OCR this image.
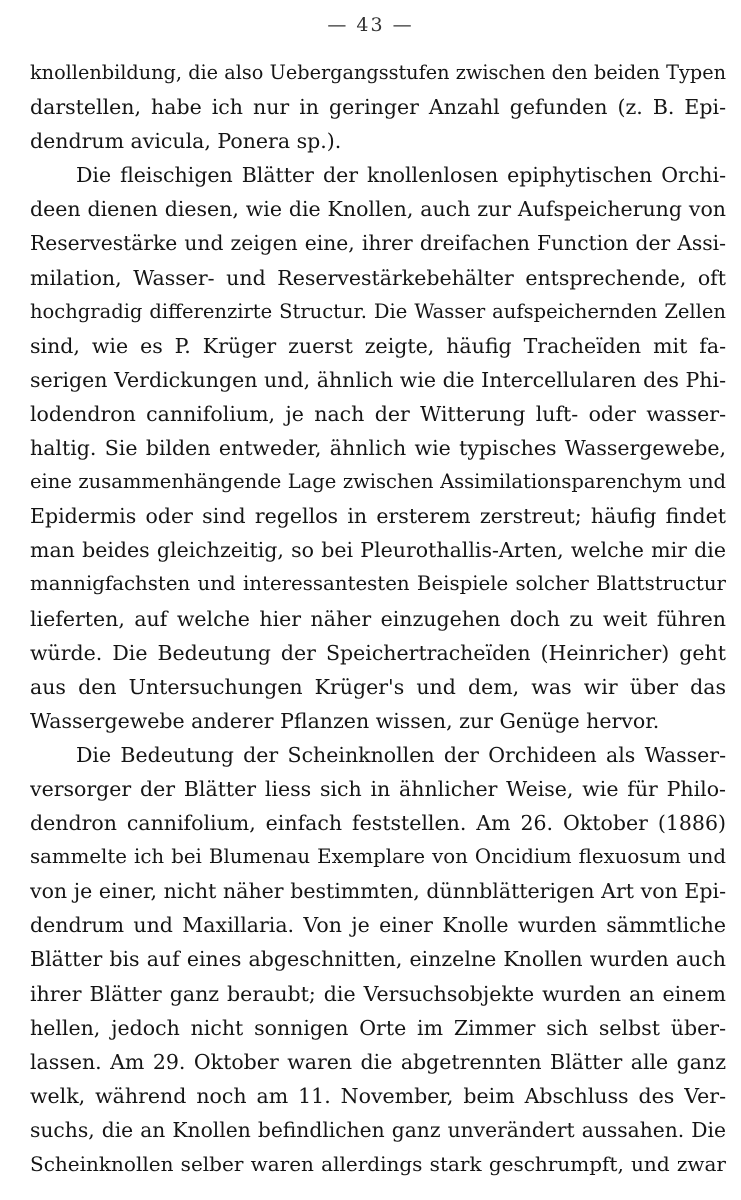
— 43 —
knollenbildung, die also Uebergangsstufen zwischen den beiden Typen
darstellen, habe ich nur in geringer Anzahl gefunden (z. B. Epi-
dendrum avicula, Ponera sp.).
Die fleischigen Blätter der knollenlosen epiphytischen Orchi-
deen dienen diesen, wie die Knollen, auch zur Aufspeicherung von
Reservestärke und zeigen eine, ihrer dreifachen Function der Assi-
milation, Wasser- und Reservestärkebehälter entsprechende, oft
hochgradig differenzirte Structur. Die Wasser aufspeichernden Zellen
sind, wie es P. Krüger zuerst zeigte, häufig Tracheïden mit fa-
serigen Verdickungen und, ähnlich wie die Intercellularen des Phi-
lodendron cannifolium, je nach der Witterung luft- oder wasser-
haltig. Sie bilden entweder, ähnlich wie typisches Wassergewebe,
eine zusammenhängende Lage zwischen Assimilationsparenchym und
Epidermis oder sind regellos in ersterem zerstreut; häufig findet
man beides gleichzeitig, so bei Pleurothallis-Arten, welche mir die
mannigfachsten und interessantesten Beispiele solcher Blattstructur
lieferten, auf welche hier näher einzugehen doch zu weit führen
würde. Die Bedeutung der Speichertracheïden (Heinricher) geht
aus den Untersuchungen Krüger's und dem, was wir über das
Wassergewebe anderer Pflanzen wissen, zur Genüge hervor.
Die Bedeutung der Scheinknollen der Orchideen als Wasser-
versorger der Blätter liess sich in ähnlicher Weise, wie für Philo-
dendron cannifolium, einfach feststellen. Am 26. Oktober (1886)
sammelte ich bei Blumenau Exemplare von Oncidium flexuosum und
von je einer, nicht näher bestimmten, dünnblätterigen Art von Epi-
dendrum und Maxillaria. Von je einer Knolle wurden sämmtliche
Blätter bis auf eines abgeschnitten, einzelne Knollen wurden auch
ihrer Blätter ganz beraubt; die Versuchsobjekte wurden an einem
hellen, jedoch nicht sonnigen Orte im Zimmer sich selbst über-
lassen. Am 29. Oktober waren die abgetrennten Blätter alle ganz
welk, während noch am 11. November, beim Abschluss des Ver-
suchs, die an Knollen befindlichen ganz unverändert aussahen. Die
Scheinknollen selber waren allerdings stark geschrumpft, und zwar
